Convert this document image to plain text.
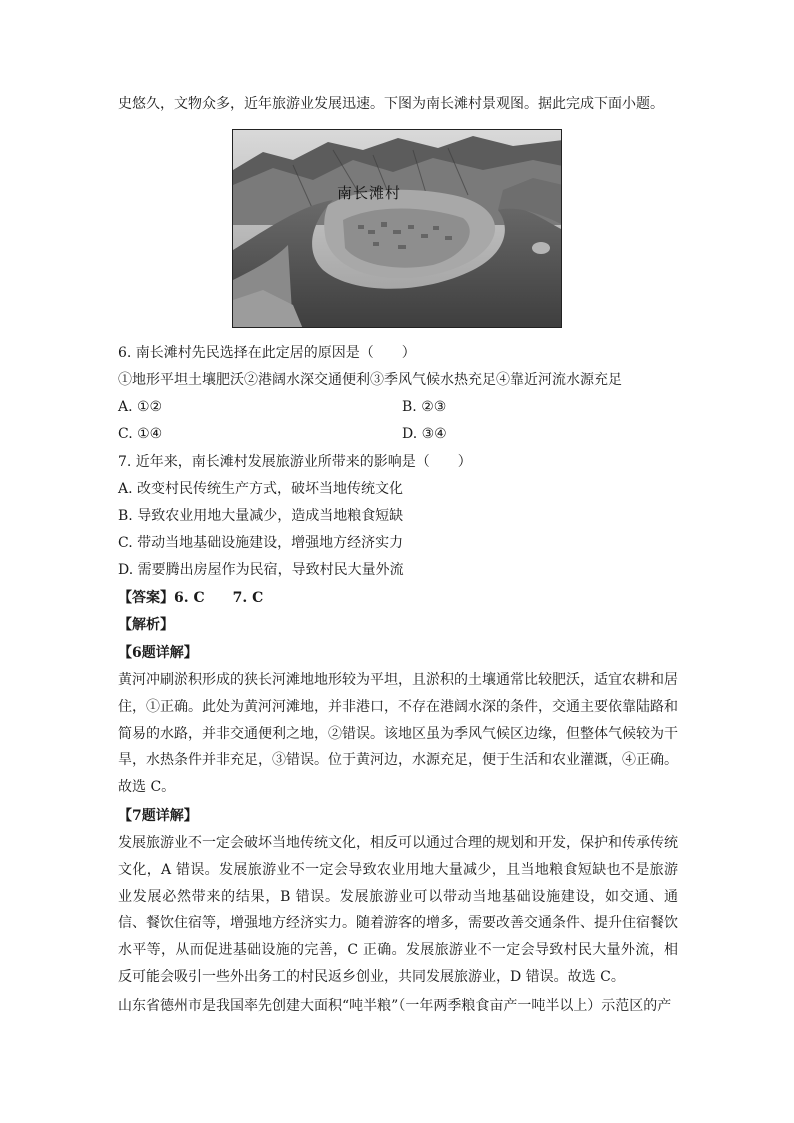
史悠久，文物众多，近年旅游业发展迅速。下图为南长滩村景观图。据此完成下面小题。
南长滩村
6. 南长滩村先民选择在此定居的原因是（　　）
①地形平坦土壤肥沃②港阔水深交通便利③季风气候水热充足④靠近河流水源充足
A. ①②	B. ②③
C. ①④	D. ③④
7. 近年来，南长滩村发展旅游业所带来的影响是（　　）
A. 改变村民传统生产方式，破坏当地传统文化
B. 导致农业用地大量减少，造成当地粮食短缺
C. 带动当地基础设施建设，增强地方经济实力
D. 需要腾出房屋作为民宿，导致村民大量外流
【答案】6. C　　7. C
【解析】
【6题详解】
黄河冲刷淤积形成的狭长河滩地地形较为平坦，且淤积的土壤通常比较肥沃，适宜农耕和居住，①正确。此处为黄河河滩地，并非港口，不存在港阔水深的条件，交通主要依靠陆路和简易的水路，并非交通便利之地，②错误。该地区虽为季风气候区边缘，但整体气候较为干旱，水热条件并非充足，③错误。位于黄河边，水源充足，便于生活和农业灌溉，④正确。故选 C。
【7题详解】
发展旅游业不一定会破坏当地传统文化，相反可以通过合理的规划和开发，保护和传承传统文化，A 错误。发展旅游业不一定会导致农业用地大量减少，且当地粮食短缺也不是旅游业发展必然带来的结果，B 错误。发展旅游业可以带动当地基础设施建设，如交通、通信、餐饮住宿等，增强地方经济实力。随着游客的增多，需要改善交通条件、提升住宿餐饮水平等，从而促进基础设施的完善，C 正确。发展旅游业不一定会导致村民大量外流，相反可能会吸引一些外出务工的村民返乡创业，共同发展旅游业，D 错误。故选 C。
山东省德州市是我国率先创建大面积“吨半粮”（一年两季粮食亩产一吨半以上）示范区的产
